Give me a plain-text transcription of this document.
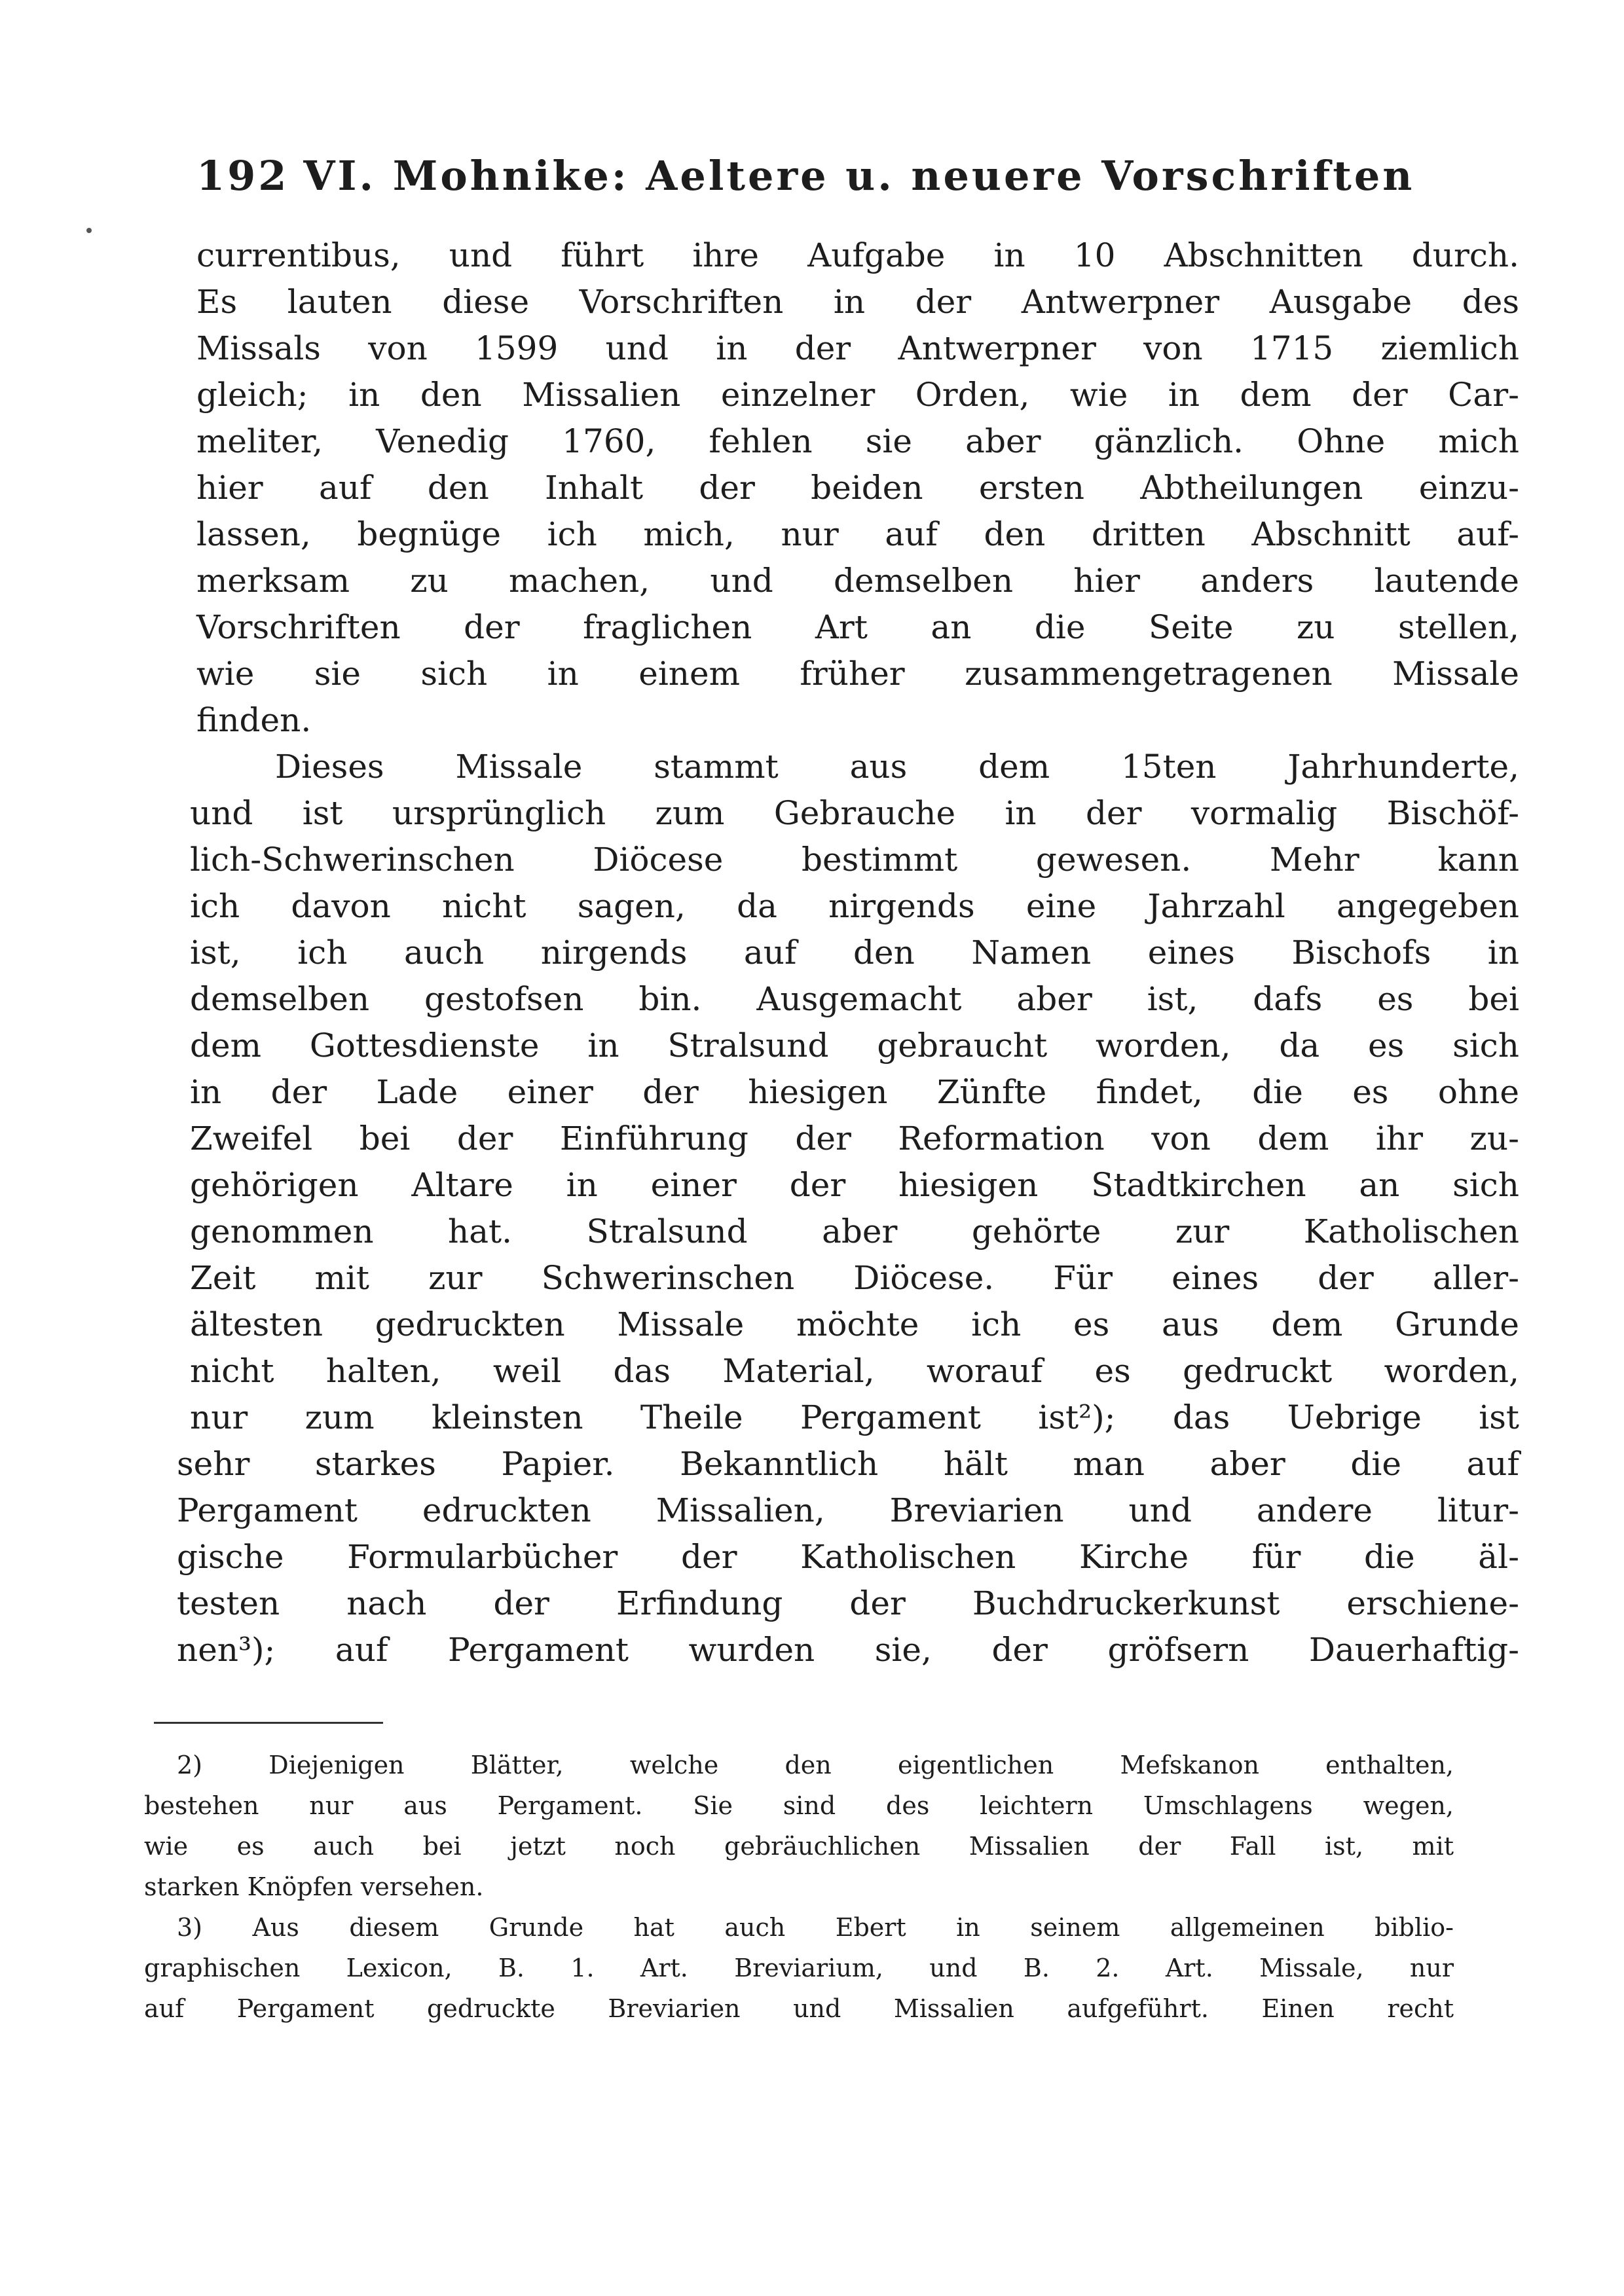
192 VI. Mohnike: Aeltere u. neuere Vorschriften
currentibus, und führt ihre Aufgabe in 10 Abschnitten durch.
Es lauten diese Vorschriften in der Antwerpner Ausgabe des
Missals von 1599 und in der Antwerpner von 1715 ziemlich
gleich; in den Missalien einzelner Orden, wie in dem der Car-
meliter, Venedig 1760, fehlen sie aber gänzlich. Ohne mich
hier auf den Inhalt der beiden ersten Abtheilungen einzu-
lassen, begnüge ich mich, nur auf den dritten Abschnitt auf-
merksam zu machen, und demselben hier anders lautende
Vorschriften der fraglichen Art an die Seite zu stellen,
wie sie sich in einem früher zusammengetragenen Missale
finden.
Dieses Missale stammt aus dem 15ten Jahrhunderte,
und ist ursprünglich zum Gebrauche in der vormalig Bischöf-
lich-Schwerinschen Diöcese bestimmt gewesen. Mehr kann
ich davon nicht sagen, da nirgends eine Jahrzahl angegeben
ist, ich auch nirgends auf den Namen eines Bischofs in
demselben gestofsen bin. Ausgemacht aber ist, dafs es bei
dem Gottesdienste in Stralsund gebraucht worden, da es sich
in der Lade einer der hiesigen Zünfte findet, die es ohne
Zweifel bei der Einführung der Reformation von dem ihr zu-
gehörigen Altare in einer der hiesigen Stadtkirchen an sich
genommen hat. Stralsund aber gehörte zur Katholischen
Zeit mit zur Schwerinschen Diöcese. Für eines der aller-
ältesten gedruckten Missale möchte ich es aus dem Grunde
nicht halten, weil das Material, worauf es gedruckt worden,
nur zum kleinsten Theile Pergament ist²); das Uebrige ist
sehr starkes Papier. Bekanntlich hält man aber die auf
Pergament edruckten Missalien, Breviarien und andere litur-
gische Formularbücher der Katholischen Kirche für die äl-
testen nach der Erfindung der Buchdruckerkunst erschiene-
nen³); auf Pergament wurden sie, der gröfsern Dauerhaftig-
2) Diejenigen Blätter, welche den eigentlichen Mefskanon enthalten,
bestehen nur aus Pergament. Sie sind des leichtern Umschlagens wegen,
wie es auch bei jetzt noch gebräuchlichen Missalien der Fall ist, mit
starken Knöpfen versehen.
3) Aus diesem Grunde hat auch Ebert in seinem allgemeinen biblio-
graphischen Lexicon, B. 1. Art. Breviarium, und B. 2. Art. Missale, nur
auf Pergament gedruckte Breviarien und Missalien aufgeführt. Einen recht
